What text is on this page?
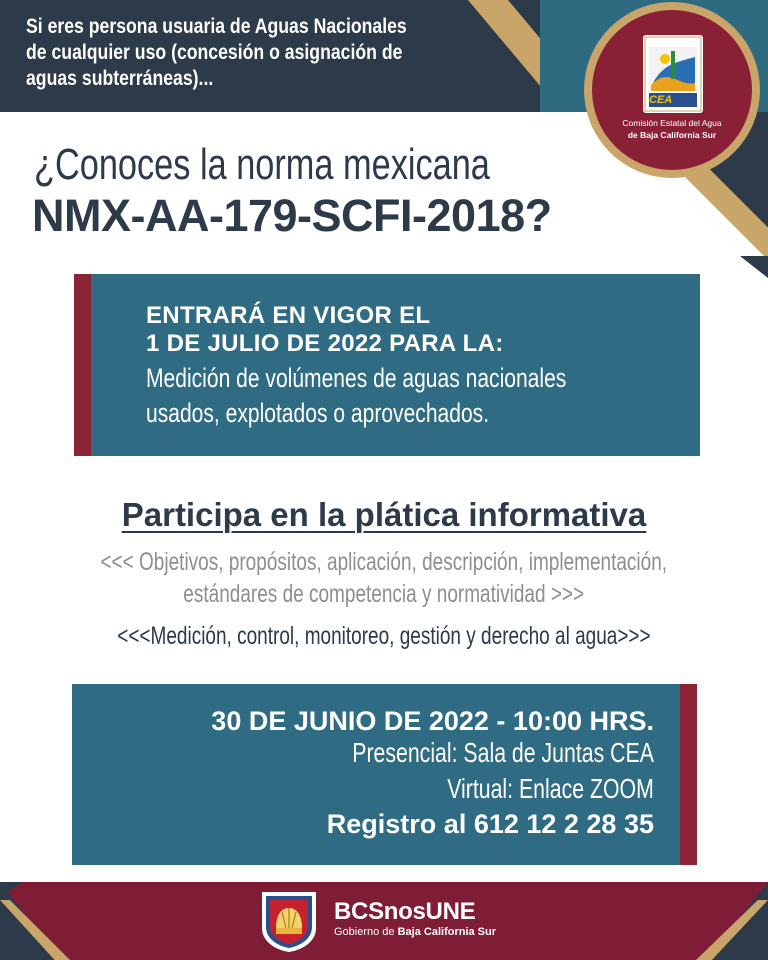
Si eres persona usuaria de Aguas Nacionales
de cualquier uso (concesión o asignación de
aguas subterráneas)...
CEA
Comisión Estatal del Agua
de Baja California Sur
¿Conoces la norma mexicana
NMX-AA-179-SCFI-2018?
ENTRARÁ EN VIGOR EL
1 DE JULIO DE 2022 PARA LA:
Medición de volúmenes de aguas nacionales
usados, explotados o aprovechados.
Participa en la plática informativa
<<< Objetivos, propósitos, aplicación, descripción, implementación,
estándares de competencia y normatividad >>>
<<<Medición, control, monitoreo, gestión y derecho al agua>>>
30 DE JUNIO DE 2022 - 10:00 HRS.
Presencial: Sala de Juntas CEA
Virtual: Enlace ZOOM
Registro al 612 12 2 28 35
BCSnosUNE
Gobierno de Baja California Sur
